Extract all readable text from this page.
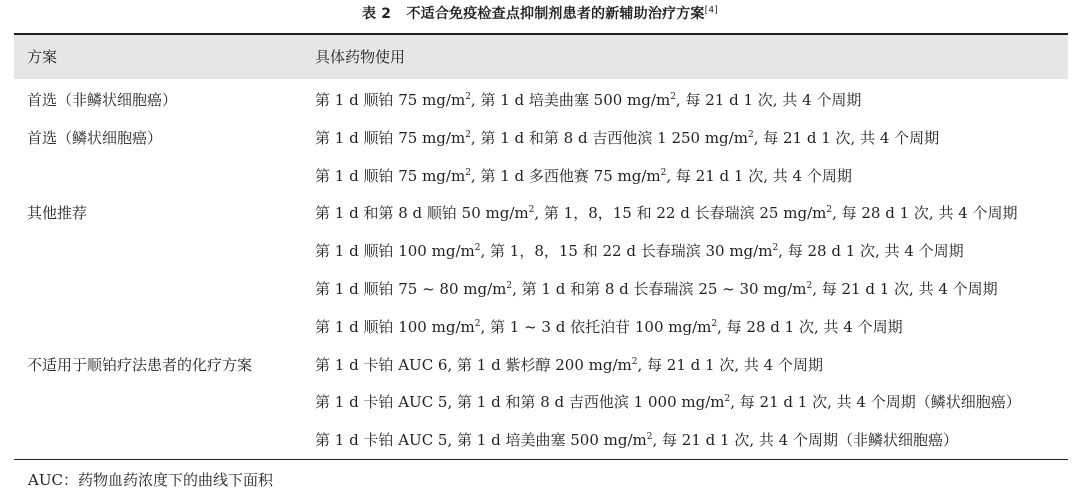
表 2 不适合免疫检查点抑制剂患者的新辅助治疗方案[4]
方案	具体药物使用
首选（非鳞状细胞癌）	第 1 d 顺铂 75 $mg/m^2$, 第 1 d 培美曲塞 500 $mg/m^2$, 每 21 d 1 次, 共 4 个周期
首选（鳞状细胞癌）	第 1 d 顺铂 75 $mg/m^2$, 第 1 d 和第 8 d 吉西他滨 1 250 $mg/m^2$, 每 21 d 1 次, 共 4 个周期
第 1 d 顺铂 75 $mg/m^2$, 第 1 d 多西他赛 75 $mg/m^2$, 每 21 d 1 次, 共 4 个周期
其他推荐	第 1 d 和第 8 d 顺铂 50 $mg/m^2$, 第 1，8，15 和 22 d 长春瑞滨 25 $mg/m^2$, 每 28 d 1 次, 共 4 个周期
第 1 d 顺铂 100 $mg/m^2$, 第 1，8，15 和 22 d 长春瑞滨 30 $mg/m^2$, 每 28 d 1 次, 共 4 个周期
第 1 d 顺铂 75 ~ 80 $mg/m^2$, 第 1 d 和第 8 d 长春瑞滨 25 ~ 30 $mg/m^2$, 每 21 d 1 次, 共 4 个周期
第 1 d 顺铂 100 $mg/m^2$, 第 1 ~ 3 d 依托泊苷 100 $mg/m^2$, 每 28 d 1 次, 共 4 个周期
不适用于顺铂疗法患者的化疗方案	第 1 d 卡铂 AUC 6, 第 1 d 紫杉醇 200 $mg/m^2$, 每 21 d 1 次, 共 4 个周期
第 1 d 卡铂 AUC 5, 第 1 d 和第 8 d 吉西他滨 1 000 $mg/m^2$, 每 21 d 1 次, 共 4 个周期（鳞状细胞癌）
第 1 d 卡铂 AUC 5, 第 1 d 培美曲塞 500 $mg/m^2$, 每 21 d 1 次, 共 4 个周期（非鳞状细胞癌）
AUC：药物血药浓度下的曲线下面积
